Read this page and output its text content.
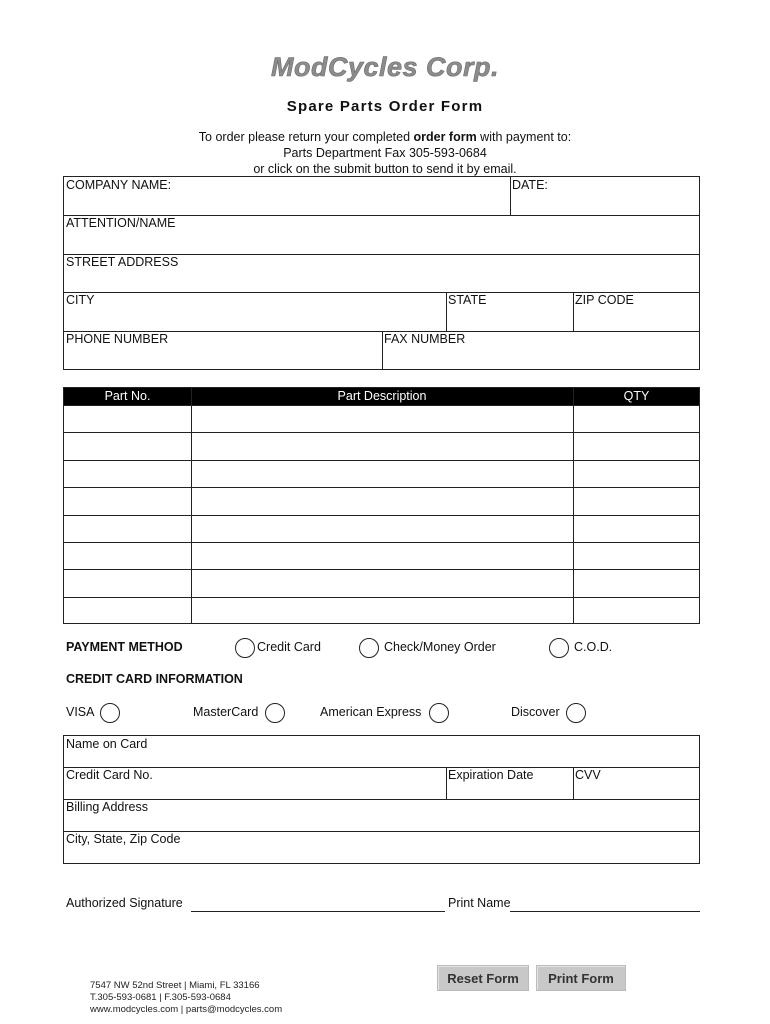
ModCycles Corp.
Spare Parts Order Form
To order please return your completed order form with payment to:
Parts Department Fax 305-593-0684
or click on the submit button to send it by email.
COMPANY NAME:	DATE:
ATTENTION/NAME
STREET ADDRESS
CITY	STATE	ZIP CODE
PHONE NUMBER	FAX NUMBER
Part No.	Part Description	QTY
PAYMENT METHOD	Credit Card	Check/Money Order	C.O.D.
CREDIT CARD INFORMATION
VISA	MasterCard	American Express	Discover
Name on Card
Credit Card No.	Expiration Date	CVV
Billing Address
City, State, Zip Code
Authorized Signature	Print Name
Reset Form	Print Form
7547 NW 52nd Street | Miami, FL 33166
T.305-593-0681 | F.305-593-0684
www.modcycles.com | parts@modcycles.com
